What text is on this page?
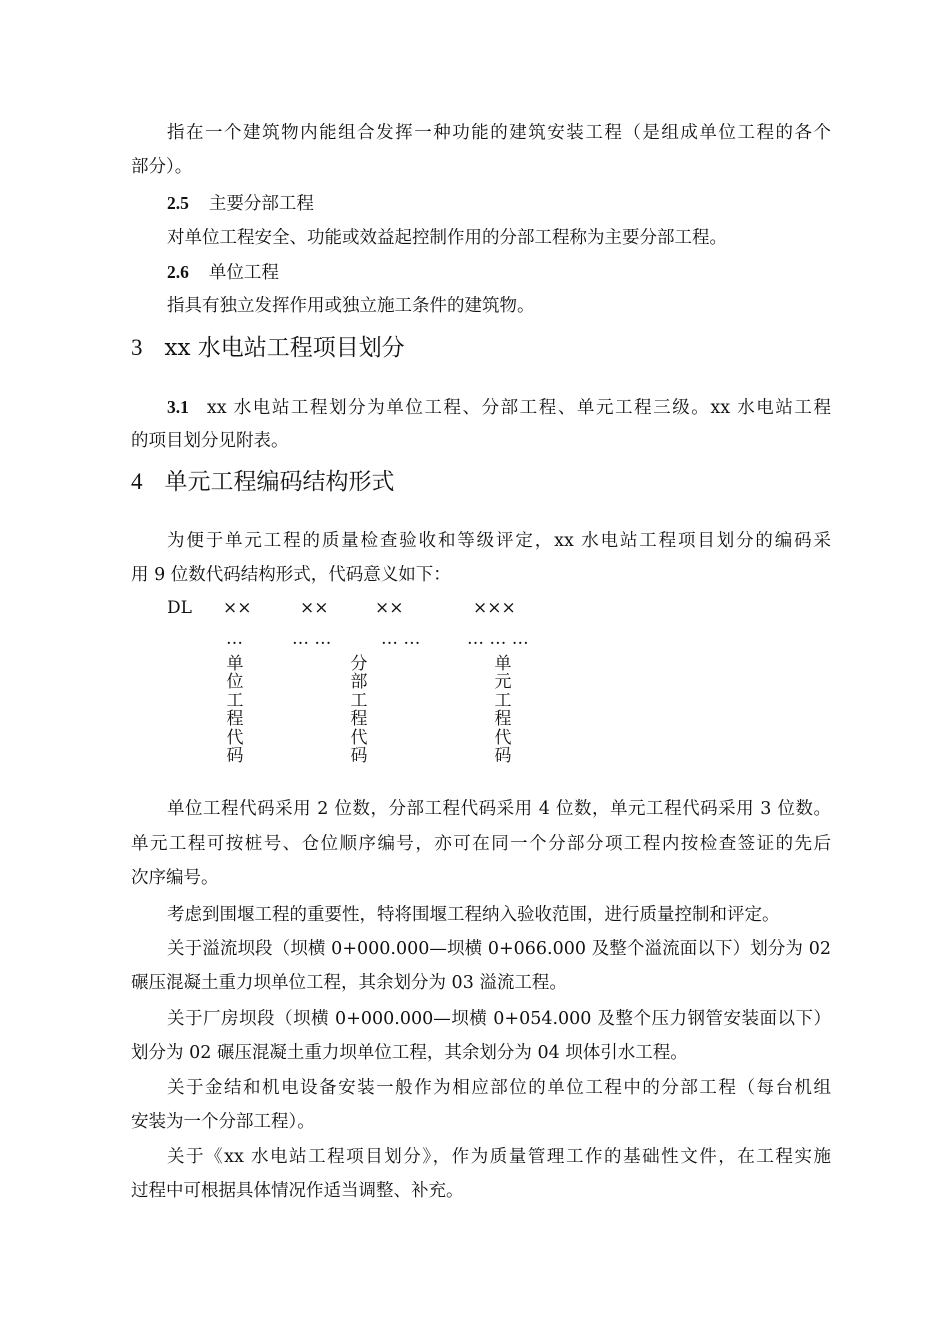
指在一个建筑物内能组合发挥一种功能的建筑安装工程（是组成单位工程的各个
部分）。
2.5 主要分部工程
对单位工程安全、功能或效益起控制作用的分部工程称为主要分部工程。
2.6 单位工程
指具有独立发挥作用或独立施工条件的建筑物。
3 xx 水电站工程项目划分
3.1 xx 水电站工程划分为单位工程、分部工程、单元工程三级。xx 水电站工程
的项目划分见附表。
4 单元工程编码结构形式
为便于单元工程的质量检查验收和等级评定，xx 水电站工程项目划分的编码采
用 9 位数代码结构形式，代码意义如下：
DL ××	××	××	×××
…	… …	… …	… … …
单
位
工
程
代
码
分
部
工
程
代
码
单
元
工
程
代
码
单位工程代码采用 2 位数，分部工程代码采用 4 位数，单元工程代码采用 3 位数。
单元工程可按桩号、仓位顺序编号，亦可在同一个分部分项工程内按检查签证的先后
次序编号。
考虑到围堰工程的重要性，特将围堰工程纳入验收范围，进行质量控制和评定。
关于溢流坝段（坝横 0+000.000—坝横 0+066.000 及整个溢流面以下）划分为 02
碾压混凝土重力坝单位工程，其余划分为 03 溢流工程。
关于厂房坝段（坝横 0+000.000—坝横 0+054.000 及整个压力钢管安装面以下）
划分为 02 碾压混凝土重力坝单位工程，其余划分为 04 坝体引水工程。
关于金结和机电设备安装一般作为相应部位的单位工程中的分部工程（每台机组
安装为一个分部工程）。
关于《xx 水电站工程项目划分》，作为质量管理工作的基础性文件，在工程实施
过程中可根据具体情况作适当调整、补充。
